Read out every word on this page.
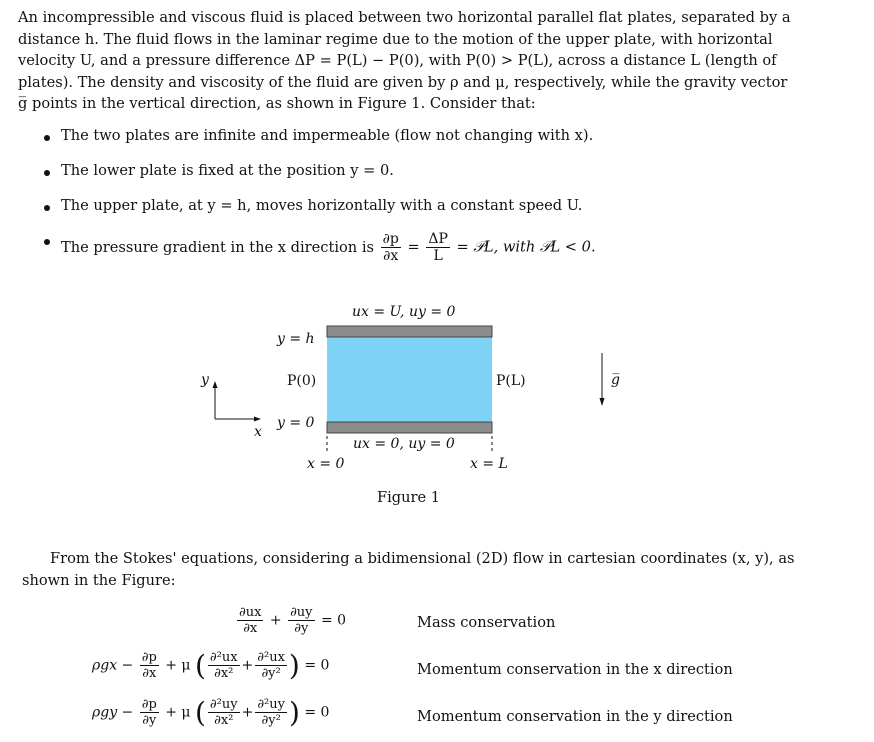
An incompressible and viscous fluid is placed between two horizontal parallel flat plates, separated by a
distance h. The fluid flows in the laminar regime due to the motion of the upper plate, with horizontal
velocity U, and a pressure difference ΔP = P(L) − P(0), with P(0) > P(L), across a distance L (length of
plates). The density and viscosity of the fluid are given by ρ and μ, respectively, while the gravity vector
g̅ points in the vertical direction, as shown in Figure 1. Consider that:
The two plates are infinite and impermeable (flow not changing with x).
The lower plate is fixed at the position y = 0.
The upper plate, at y = h, moves horizontally with a constant speed U.
The pressure gradient in the x direction is $\frac{\partial p}{\partial x} = \frac{\Delta P}{L}$ = 𝒫L, with 𝒫L < 0.
ux = U, uy = 0
ux = 0, uy = 0
y = h
y = 0
P(0)	P(L)
x = 0	x = L
y
x
g̅
Figure 1
From the Stokes' equations, considering a bidimensional (2D) flow in cartesian coordinates (x, y), as
shown in the Figure:
$\frac{\partial ux}{\partial x} + \frac{\partial uy}{\partial y} = 0$	Mass conservation
$\rho gx - \frac{\partial p}{\partial x} + \mu$ ( $\frac{\text{∂²ux}}{\text{∂x²}} + \frac{\text{∂²ux}}{\text{∂y²}}$ ) = 0	Momentum conservation in the x direction
$\rho gy - \frac{\partial p}{\partial y} + \mu$ ( $\frac{\text{∂²uy}}{\text{∂x²}} + \frac{\text{∂²uy}}{\text{∂y²}}$ ) = 0	Momentum conservation in the y direction
